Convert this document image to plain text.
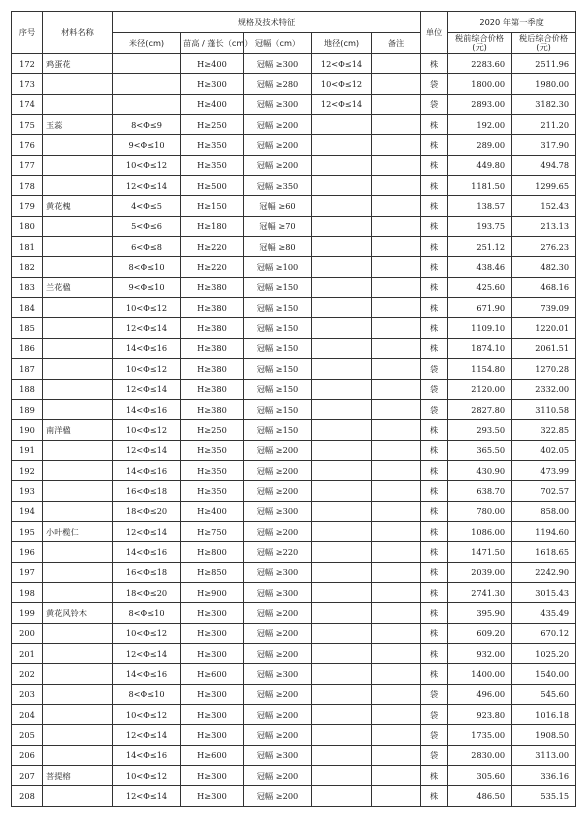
序号	材料名称	规格及技术特征					单位	2020 年第一季度	
		米径(cm)	苗高 / 蓬长（cm）	冠幅（cm）	地径(cm)	备注		税前综合价格(元)	税后综合价格(元)
172	鸡蛋花		H≥400	冠幅 ≥300	12<Φ≤14		株	2283.60	2511.96
173			H≥300	冠幅 ≥280	10<Φ≤12		袋	1800.00	1980.00
174			H≥400	冠幅 ≥300	12<Φ≤14		袋	2893.00	3182.30
175	玉蕊	8<Φ≤9	H≥250	冠幅 ≥200			株	192.00	211.20
176		9<Φ≤10	H≥350	冠幅 ≥200			株	289.00	317.90
177		10<Φ≤12	H≥350	冠幅 ≥200			株	449.80	494.78
178		12<Φ≤14	H≥500	冠幅 ≥350			株	1181.50	1299.65
179	黄花槐	4<Φ≤5	H≥150	冠幅 ≥60			株	138.57	152.43
180		5<Φ≤6	H≥180	冠幅 ≥70			株	193.75	213.13
181		6<Φ≤8	H≥220	冠幅 ≥80			株	251.12	276.23
182		8<Φ≤10	H≥220	冠幅 ≥100			株	438.46	482.30
183	兰花楹	9<Φ≤10	H≥380	冠幅 ≥150			株	425.60	468.16
184		10<Φ≤12	H≥380	冠幅 ≥150			株	671.90	739.09
185		12<Φ≤14	H≥380	冠幅 ≥150			株	1109.10	1220.01
186		14<Φ≤16	H≥380	冠幅 ≥150			株	1874.10	2061.51
187		10<Φ≤12	H≥380	冠幅 ≥150			袋	1154.80	1270.28
188		12<Φ≤14	H≥380	冠幅 ≥150			袋	2120.00	2332.00
189		14<Φ≤16	H≥380	冠幅 ≥150			袋	2827.80	3110.58
190	南洋楹	10<Φ≤12	H≥250	冠幅 ≥150			株	293.50	322.85
191		12<Φ≤14	H≥350	冠幅 ≥200			株	365.50	402.05
192		14<Φ≤16	H≥350	冠幅 ≥200			株	430.90	473.99
193		16<Φ≤18	H≥350	冠幅 ≥200			株	638.70	702.57
194		18<Φ≤20	H≥400	冠幅 ≥300			株	780.00	858.00
195	小叶榄仁	12<Φ≤14	H≥750	冠幅 ≥200			株	1086.00	1194.60
196		14<Φ≤16	H≥800	冠幅 ≥220			株	1471.50	1618.65
197		16<Φ≤18	H≥850	冠幅 ≥300			株	2039.00	2242.90
198		18<Φ≤20	H≥900	冠幅 ≥300			株	2741.30	3015.43
199	黄花风铃木	8<Φ≤10	H≥300	冠幅 ≥200			株	395.90	435.49
200		10<Φ≤12	H≥300	冠幅 ≥200			株	609.20	670.12
201		12<Φ≤14	H≥300	冠幅 ≥200			株	932.00	1025.20
202		14<Φ≤16	H≥600	冠幅 ≥300			株	1400.00	1540.00
203		8<Φ≤10	H≥300	冠幅 ≥200			袋	496.00	545.60
204		10<Φ≤12	H≥300	冠幅 ≥200			袋	923.80	1016.18
205		12<Φ≤14	H≥300	冠幅 ≥200			袋	1735.00	1908.50
206		14<Φ≤16	H≥600	冠幅 ≥300			袋	2830.00	3113.00
207	菩提榕	10<Φ≤12	H≥300	冠幅 ≥200			株	305.60	336.16
208		12<Φ≤14	H≥300	冠幅 ≥200			株	486.50	535.15
